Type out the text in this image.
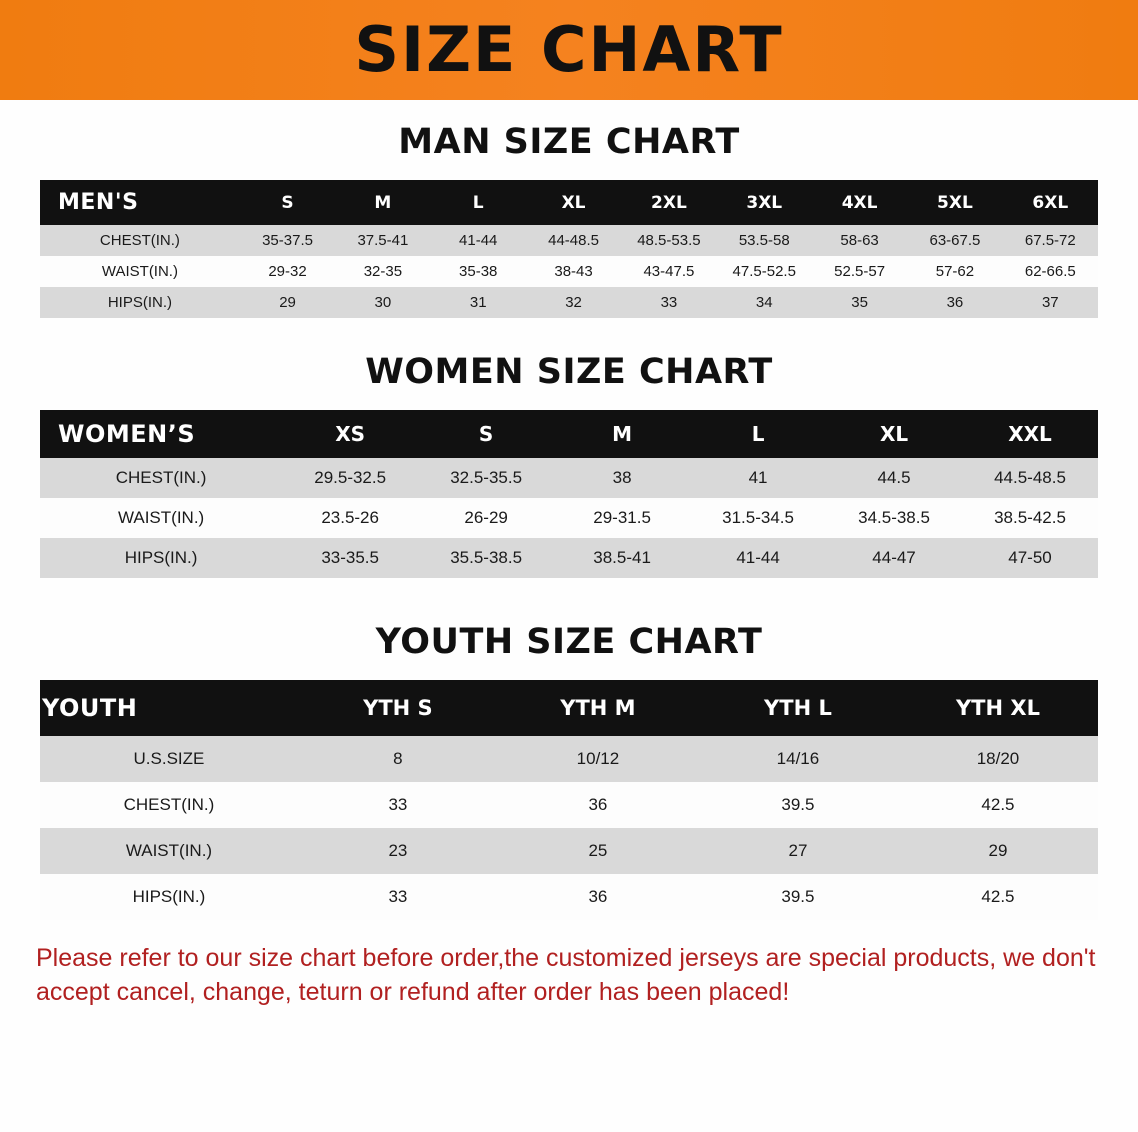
SIZE CHART
MAN SIZE CHART
MEN'S	S	M	L	XL	2XL	3XL	4XL	5XL	6XL
CHEST(IN.)	35-37.5	37.5-41	41-44	44-48.5	48.5-53.5	53.5-58	58-63	63-67.5	67.5-72
WAIST(IN.)	29-32	32-35	35-38	38-43	43-47.5	47.5-52.5	52.5-57	57-62	62-66.5
HIPS(IN.)	29	30	31	32	33	34	35	36	37
WOMEN SIZE CHART
WOMEN’S	XS	S	M	L	XL	XXL
CHEST(IN.)	29.5-32.5	32.5-35.5	38	41	44.5	44.5-48.5
WAIST(IN.)	23.5-26	26-29	29-31.5	31.5-34.5	34.5-38.5	38.5-42.5
HIPS(IN.)	33-35.5	35.5-38.5	38.5-41	41-44	44-47	47-50
YOUTH SIZE CHART
YOUTH	YTH S	YTH M	YTH L	YTH XL
U.S.SIZE	8	10/12	14/16	18/20
CHEST(IN.)	33	36	39.5	42.5
WAIST(IN.)	23	25	27	29
HIPS(IN.)	33	36	39.5	42.5
Please refer to our size chart before order,the customized jerseys are special products, we don't accept cancel, change, teturn or refund after order has been placed!
